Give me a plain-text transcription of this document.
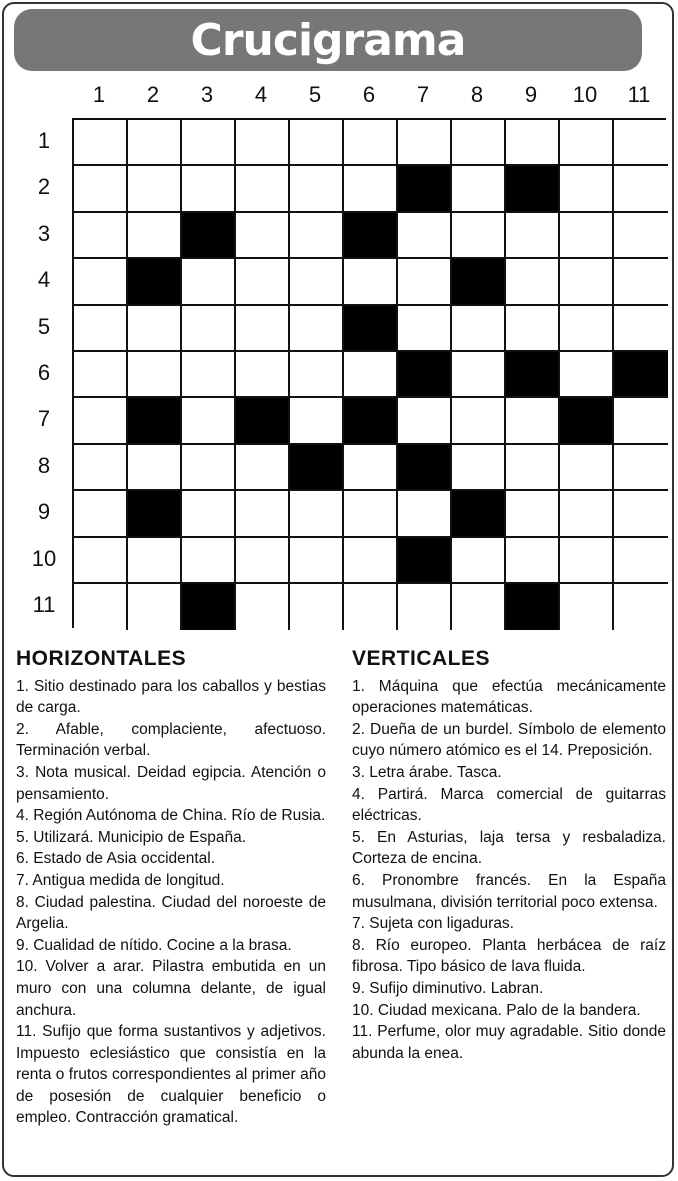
Crucigrama
1	2	3	4	5	6	7	8	9	10	11
1
2
3
4
5
6
7
8
9
10
11
HORIZONTALES

1. Sitio destinado para los caballos y bestias de carga.

2. Afable, complaciente, afectuoso. Terminación verbal.

3. Nota musical. Deidad egipcia. Atención o pensamiento.

4. Región Autónoma de China. Río de Rusia.

5. Utilizará. Municipio de España.

6. Estado de Asia occidental.

7. Antigua medida de longitud.

8. Ciudad palestina. Ciudad del noroeste de Argelia.

9. Cualidad de nítido. Cocine a la brasa.

10. Volver a arar. Pilastra embutida en un muro con una columna delante, de igual anchura.

11. Sufijo que forma sustantivos y adjetivos. Impuesto eclesiástico que consistía en la renta o frutos correspondientes al primer año de posesión de cualquier beneficio o empleo. Contracción gramatical.

VERTICALES

1. Máquina que efectúa mecánicamente operaciones matemáticas.

2. Dueña de un burdel. Símbolo de elemento cuyo número atómico es el 14. Preposición.

3. Letra árabe. Tasca.

4. Partirá. Marca comercial de guitarras eléctricas.

5. En Asturias, laja tersa y resbaladiza. Corteza de encina.

6. Pronombre francés. En la España musulmana, división territorial poco extensa.

7. Sujeta con ligaduras.

8. Río europeo. Planta herbácea de raíz fibrosa. Tipo básico de lava fluida.

9. Sufijo diminutivo. Labran.

10. Ciudad mexicana. Palo de la bandera.

11. Perfume, olor muy agradable. Sitio donde abunda la enea.
